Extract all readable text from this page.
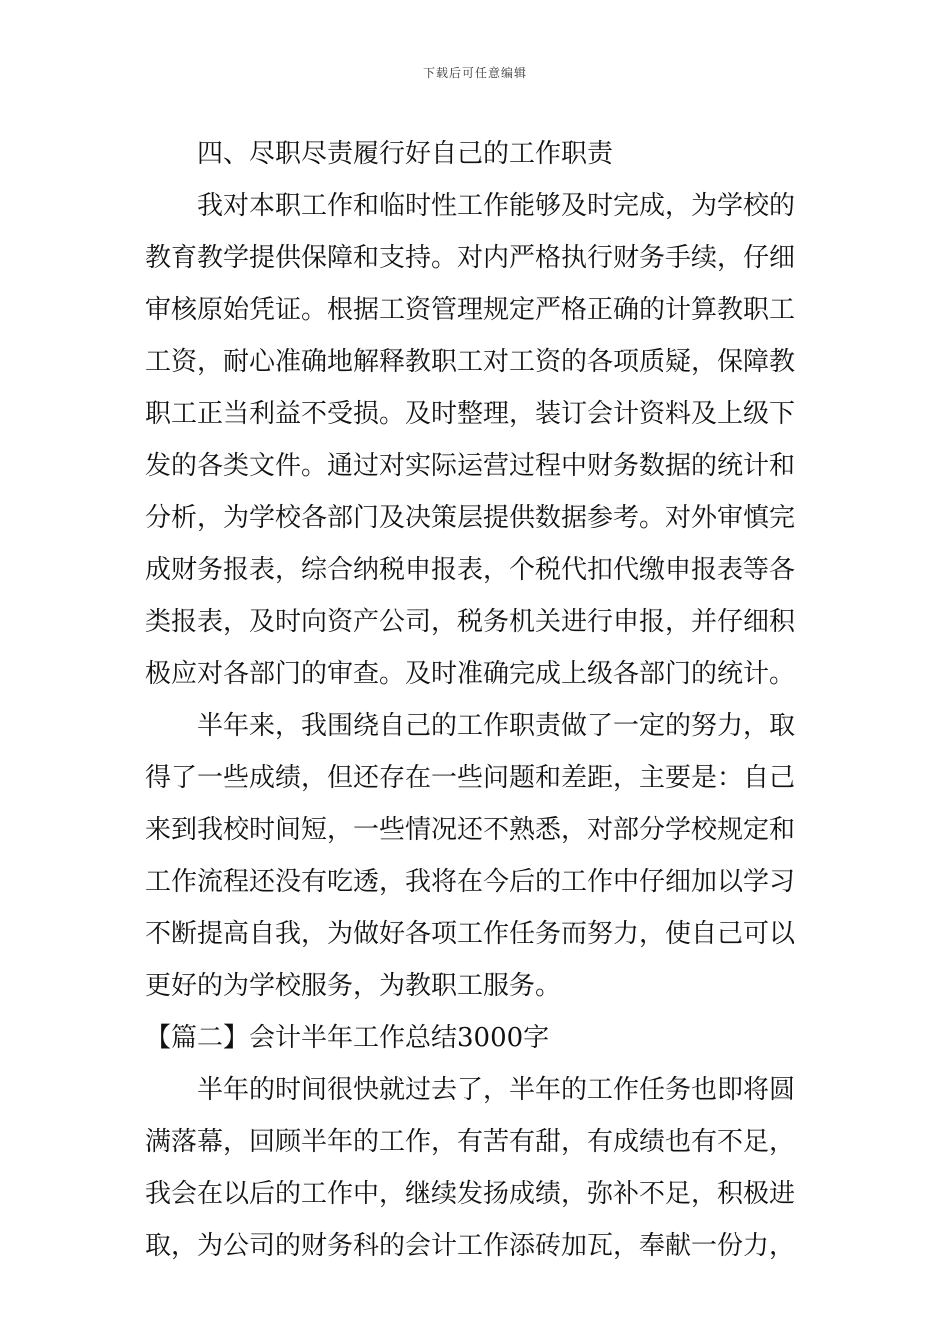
下载后可任意编辑
四、尽职尽责履行好自己的工作职责
我对本职工作和临时性工作能够及时完成，为学校的
教育教学提供保障和支持。对内严格执行财务手续，仔细
审核原始凭证。根据工资管理规定严格正确的计算教职工
工资，耐心准确地解释教职工对工资的各项质疑，保障教
职工正当利益不受损。及时整理，装订会计资料及上级下
发的各类文件。通过对实际运营过程中财务数据的统计和
分析，为学校各部门及决策层提供数据参考。对外审慎完
成财务报表，综合纳税申报表，个税代扣代缴申报表等各
类报表，及时向资产公司，税务机关进行申报，并仔细积
极应对各部门的审查。及时准确完成上级各部门的统计。
半年来，我围绕自己的工作职责做了一定的努力，取
得了一些成绩，但还存在一些问题和差距，主要是：自己
来到我校时间短，一些情况还不熟悉，对部分学校规定和
工作流程还没有吃透，我将在今后的工作中仔细加以学习
不断提高自我，为做好各项工作任务而努力，使自己可以
更好的为学校服务，为教职工服务。
【篇二】会计半年工作总结3000字
半年的时间很快就过去了，半年的工作任务也即将圆
满落幕，回顾半年的工作，有苦有甜，有成绩也有不足，
我会在以后的工作中，继续发扬成绩，弥补不足，积极进
取，为公司的财务科的会计工作添砖加瓦，奉献一份力，
